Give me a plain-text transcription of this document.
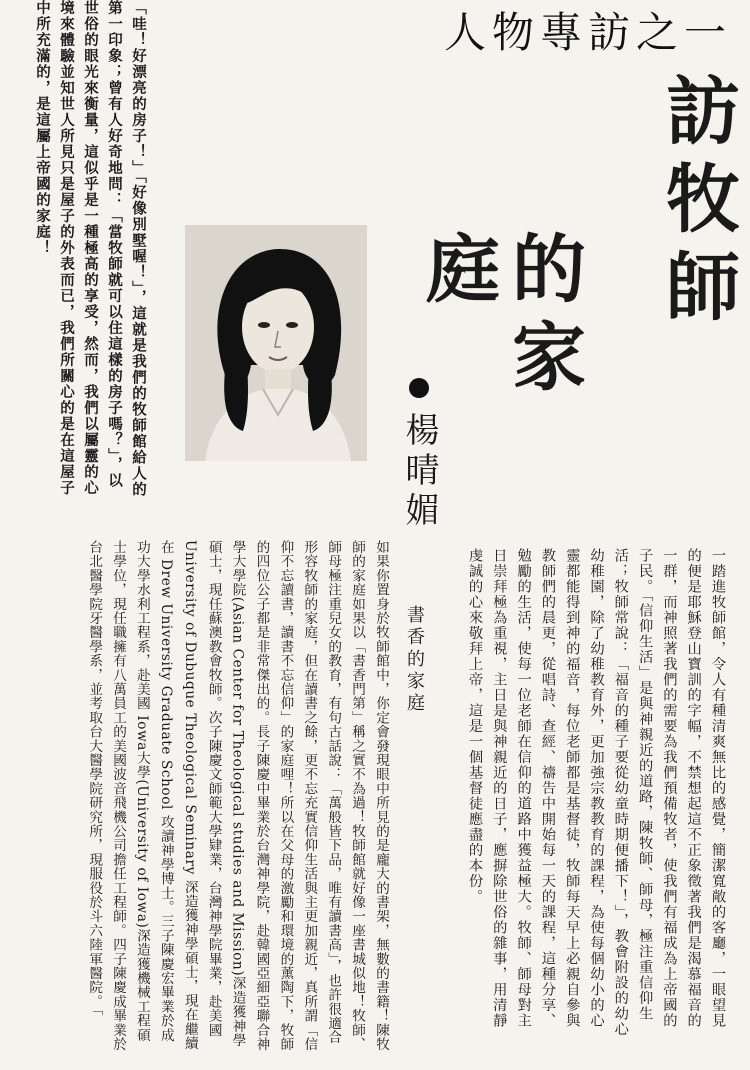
人物專訪之一
訪牧師
的家庭
楊晴媚
「哇！好漂亮的房子！」「好像別墅喔！」，這就是我們的牧師館給人的第一印象；曾有人好奇地問：「當牧師就可以住這樣的房子嗎？」，以世俗的眼光來衡量，這似乎是一種極高的享受，然而，我們以屬靈的心境來體驗並知世人所見只是屋子的外表而已，我們所關心的是在這屋子中所充滿的，是這屬上帝國的家庭！
一踏進牧師館，令人有種清爽無比的感覺，簡潔寬敞的客廳，一眼望見的便是耶穌登山寶訓的字幅，不禁想起這不正象徵著我們是渴慕福音的一群，而神照著我們的需要為我們預備牧者，使我們有福成為上帝國的子民。「信仰生活」是與神親近的道路，陳牧師、師母，極注重信仰生活；牧師常說：「福音的種子要從幼童時期便播下！」，教會附設的幼心幼稚園，除了幼稚教育外，更加強宗教教育的課程，為使每個幼小的心靈都能得到神的福音，每位老師都是基督徒，牧師每天早上必親自參與教師們的晨更，從唱詩、查經、禱告中開始每一天的課程，這種分享、勉勵的生活，使每一位老師在信仰的道路中獲益極大。牧師、師母對主日崇拜極為重視，主日是與神親近的日子，應摒除世俗的雜事，用清靜虔誠的心來敬拜上帝，這是一個基督徒應盡的本份。
書香的家庭
如果你置身於牧師館中，你定會發現眼中所見的是龐大的書架，無數的書籍！陳牧師的家庭如果以「書香門第」稱之實不為過！牧師館就好像一座書城似地！牧師、師母極注重兒女的教育，有句古話說：「萬般皆下品，唯有讀書高」，也許很適合形容牧師的家庭，但在讀書之餘，更不忘充實信仰生活與主更加親近，真所謂「信仰不忘讀書，讀書不忘信仰」的家庭哩！所以在父母的激勵和環境的薰陶下，牧師的四位公子都是非常傑出的。長子陳慶中畢業於台灣神學院，赴韓國亞細亞聯合神學大學院(Asian Center for Theological studies and Mission)深造獲神學碩士，現任蘇澳教會牧師。次子陳慶文師範大學肄業，台灣神學院畢業，赴美國 University of Dubuque Theological Seminary 深造獲神學碩士，現在繼續在 Drew University Graduate School 攻讀神學博士。三子陳慶宏畢業於成功大學水利工程系，赴美國 Iowa大學(University of Iowa)深造獲機械工程碩士學位，現任職擁有八萬員工的美國波音飛機公司擔任工程師。四子陳慶成畢業於台北醫學院牙醫學系，並考取台大醫學院研究所，現服役於斗六陸軍醫院。「
